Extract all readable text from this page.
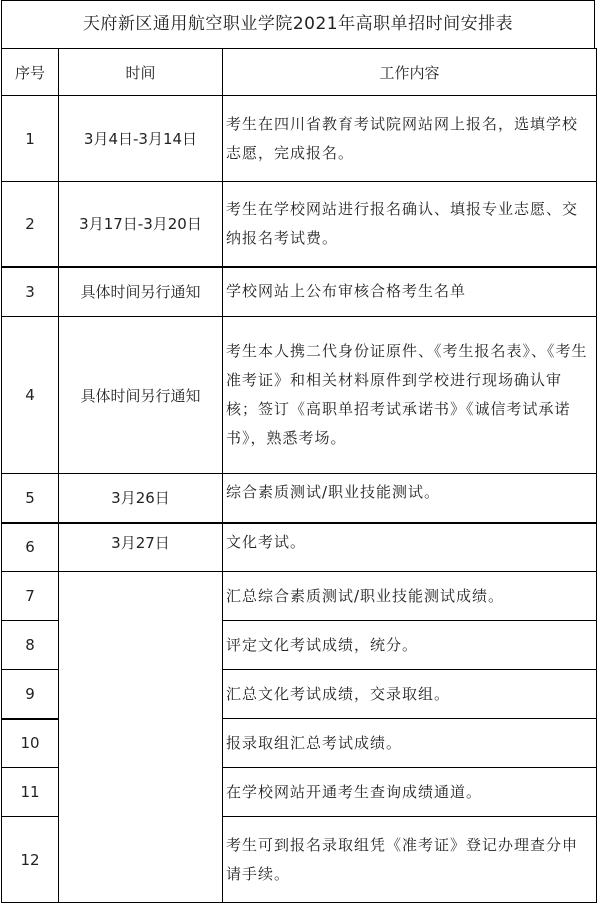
天府新区通用航空职业学院2021年高职单招时间安排表
序号	时间	工作内容
1	3月4日-3月14日	考生在四川省教育考试院网站网上报名，选填学校志愿，完成报名。
2	3月17日-3月20日	考生在学校网站进行报名确认、填报专业志愿、交纳报名考试费。
3	具体时间另行通知	学校网站上公布审核合格考生名单
4	具体时间另行通知	考生本人携二代身份证原件、《考生报名表》、《考生准考证》和相关材料原件到学校进行现场确认审核；签订《高职单招考试承诺书》《诚信考试承诺书》，熟悉考场。
5	3月26日	综合素质测试/职业技能测试。
6	3月27日	文化考试。
7		汇总综合素质测试/职业技能测试成绩。
8		评定文化考试成绩，统分。
9		汇总文化考试成绩，交录取组。
10		报录取组汇总考试成绩。
11		在学校网站开通考生查询成绩通道。
12		考生可到报名录取组凭《准考证》登记办理查分申请手续。
